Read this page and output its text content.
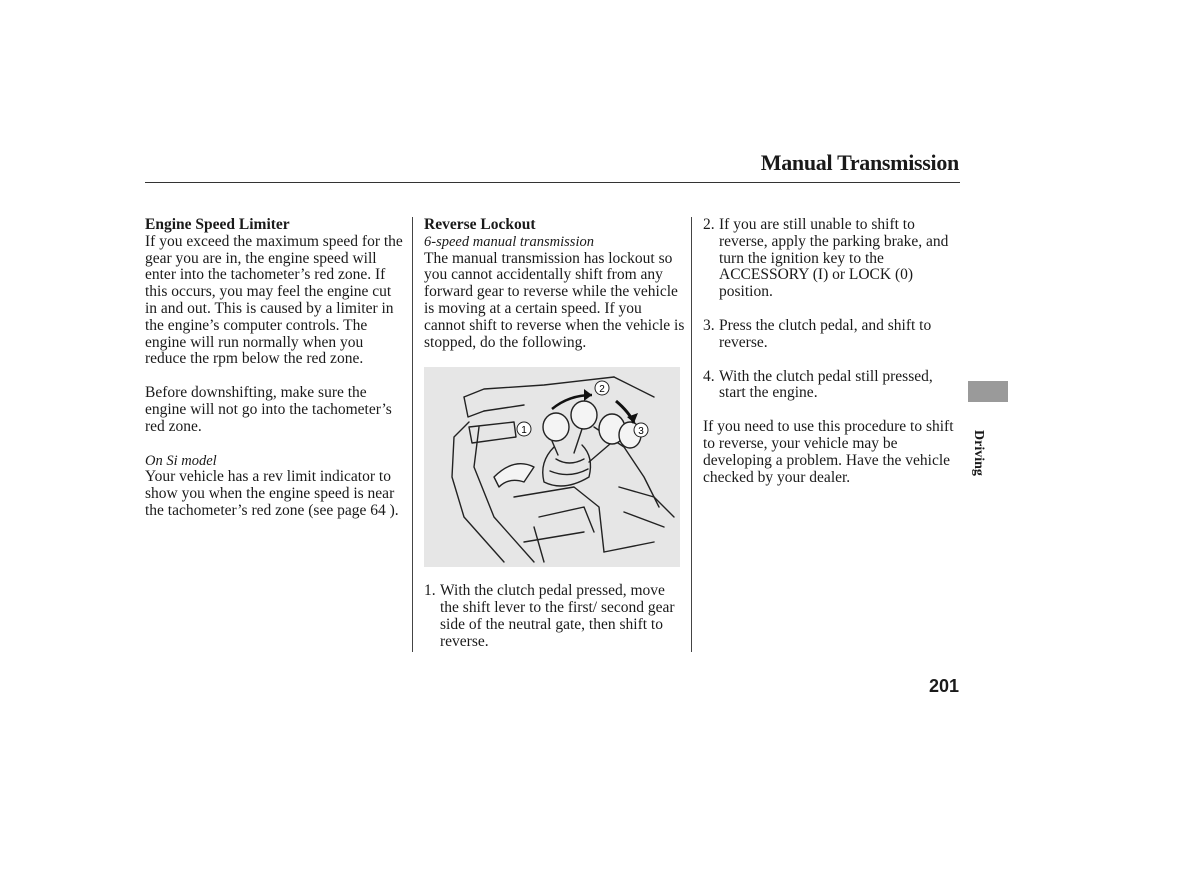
Manual Transmission

Engine Speed Limiter

If you exceed the maximum speed for the gear you are in, the engine speed will enter into the tachometer’s red zone. If this occurs, you may feel the engine cut in and out. This is caused by a limiter in the engine’s computer controls. The engine will run normally when you reduce the rpm below the red zone.

Before downshifting, make sure the engine will not go into the tachometer’s red zone.

On Si model

Your vehicle has a rev limit indicator to show you when the engine speed is near the tachometer’s red zone (see page 64 ).

Reverse Lockout

6-speed manual transmission

The manual transmission has lockout so you cannot accidentally shift from any forward gear to reverse while the vehicle is moving at a certain speed. If you cannot shift to reverse when the vehicle is stopped, do the following.

1
2
3
1. With the clutch pedal pressed, move the shift lever to the first/ second gear side of the neutral gate, then shift to reverse.
2. If you are still unable to shift to reverse, apply the parking brake, and turn the ignition key to the ACCESSORY (I) or LOCK (0) position.
3. Press the clutch pedal, and shift to reverse.
4. With the clutch pedal still pressed, start the engine.

If you need to use this procedure to shift to reverse, your vehicle may be developing a problem. Have the vehicle checked by your dealer.

Driving
201
